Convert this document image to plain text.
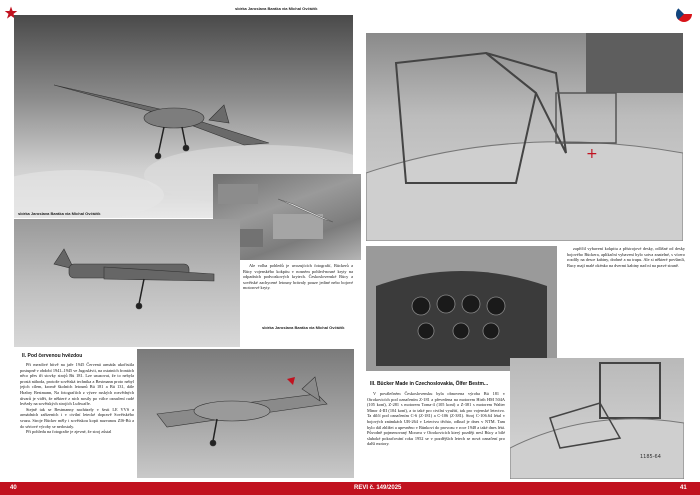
sbírka Jaroslava Baráka via Michal Ovčáčík
sbírka Jaroslava Baráka via Michal Ovčáčík
II. Pod červenou hvězdou

Při mezdivé bitvě na jaře 1945 Červená armáda ukořistila postupně v období 1941–1945 ve Jugoslávii, na ostatních frontách něco přes tři stovky strojů Bü 181. Lze usuzovat, že to nebyla prostá náhoda, protože sovětská technika a Bestmann proto nebyl jejich cílem, kromě školních letounů Bü 181 a Bü 131, dále Hrabry Bestmann, Na fotografiích z výzev ruských rozvědných útvarů je vidět, že některé z nich nosily po válce označení rudé hvězdy na sovětských strojích Luftwaffe.

Stejně tak se Bestmanny nacházely v šesti LE VVS a armádních zařízeních i v civilní letecké dopravě Sovětského svazu. Stroje Bücker měly i sovětskou kopii nazvanou ZIS-Bü a do sériové výroby se nedostaly.

Při pohledu na fotografie je zjevné, že stroj zůstal

sbírka Jaroslava Baráka via Michal Ovčáčík

Ale volba pohledů je uvozujících fotografií, Bückerů a Bücy vojenského kokpitu v nosném pohled-nosné kryty na odpadních podvozkových krytech. Československé Bücy a sovětské zachycené letouny brávaly pouze jediné nebo bojové motorové kryty.

+

zapříčil vybavení kokpitu a přístrojové desky, odlišné od desky bojového Bückera, aplikační vybavení bylo sotva znatelné, s vícero rozdíly na desce kabiny, drobné a na trupu. Ale si některé povšimli, Bucy mají malé okénko na dvermi kabiny nad ní na pravé straně.

III. Bücker Made in Czechoslovakia, Ölfer Bestm...

V poválečném Československu byla obnovena výroba Bü 181 v Otrokovicích pod označením Z-181 a převedena na motorem Hirth HM 504A (105 koní), Z-281 s motorem Toma-4 (105 koní) a Z-381 s motorem Walter Minor 4-III (104 koní), a to také pro civilní využití, tak pro vojenské letectvo. Ta dílčí pod označením C-6 (Z-181) a C-106 (Z-381). Stroj C-106.64 létal v bojových známkách UR-264 v Letectvu těchto, odkud je dnes v NTM. Tam bylo dál zhlížet a upevněno v Bünkovi do provozu v roce 1948 a také dnes létá. Původně pojmenovaný Morava v Otrokovicích který později nesl Bücy a bílé sluboké pokračování roku 1952 se v pozdějších letech se nová označení pro další motory.

1185-64
40	REVI č. 149/2025	41
